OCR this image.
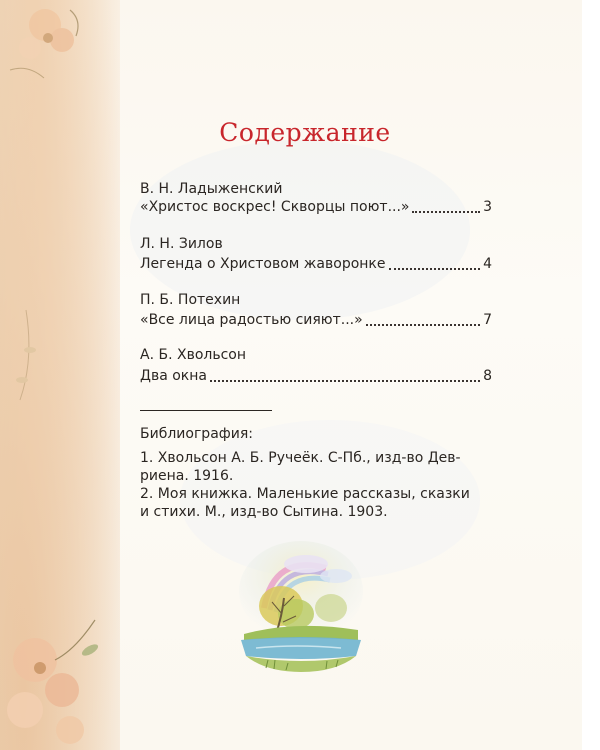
Содержание
В. Н. Ладыженский
«Христос воскрес! Скворцы поют...»	3
Л. Н. Зилов
Легенда о Христовом жаворонке	4
П. Б. Потехин
«Все лица радостью сияют...»	7
А. Б. Хвольсон
Два окна	8
Библиография:
1. Хвольсон А. Б. Ручеёк. С-Пб., изд-во Дев-
риена. 1916.
2. Моя книжка. Маленькие рассказы, сказки
и стихи. М., изд-во Сытина. 1903.
